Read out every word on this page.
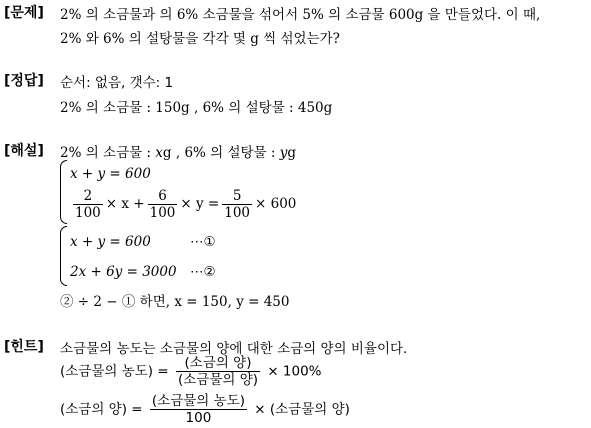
[문제] 2% 의 소금물과 의 6% 소금물을 섞어서 5% 의 소금물 600g 을 만들었다. 이 때,
2% 와 6% 의 설탕물을 각각 몇 g 씩 섞었는가?
[정답] 순서: 없음, 갯수: 1
2% 의 소금물 : 150g , 6% 의 설탕물 : 450g
[해설] 2% 의 소금물 : xg , 6% 의 설탕물 : yg
x + y = 600
$\frac{2}{100} \times x + \frac{6}{100} \times y = \frac{5}{100} \times 600$
x + y = 600	⋯①
2x + 6y = 3000 ⋯②
② ÷ 2 − ① 하면, x = 150, y = 450
[힌트] 소금물의 농도는 소금물의 양에 대한 소금의 양의 비율이다.
(소금물의 농도) = $\frac{\text{(소금의 양)}}{\text{(소금물의 양)}} \times 100\%$
(소금의 양) = $\frac{\text{(소금물의 농도)}}{100}$ × (소금물의 양)
